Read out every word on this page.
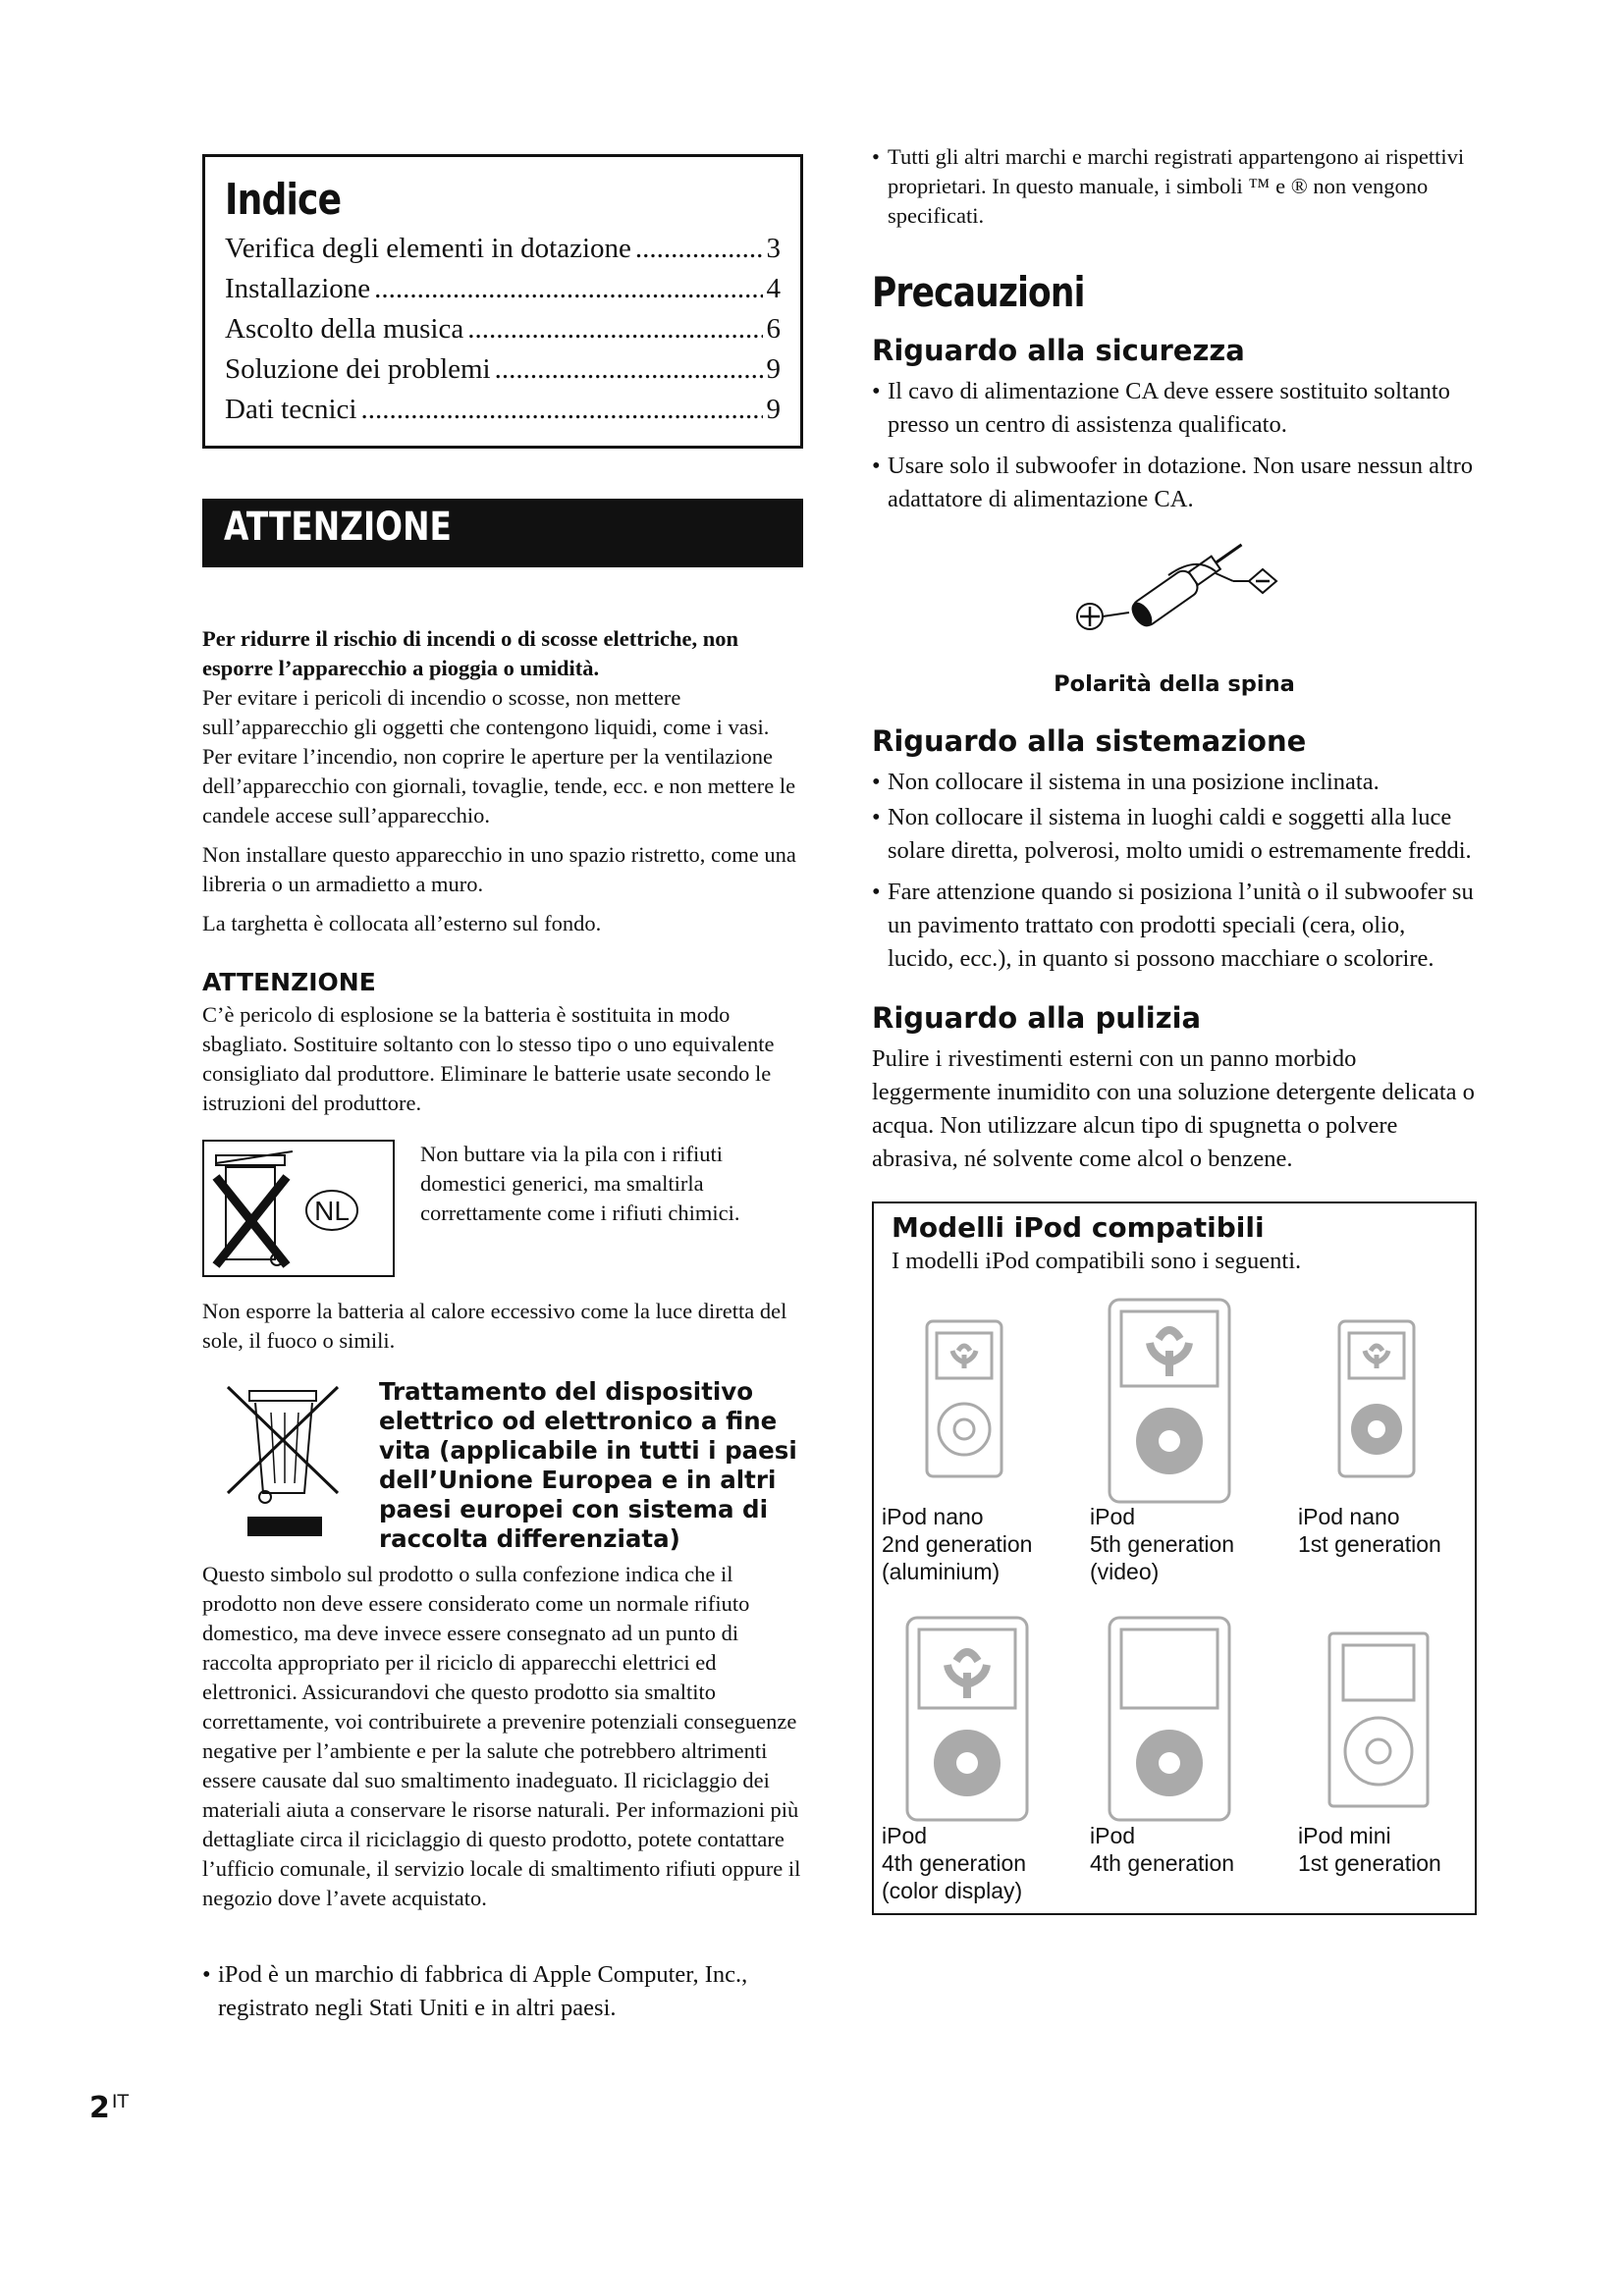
Indice
Verifica degli elementi in dotazione .....	3
Installazione .....	4
Ascolto della musica .....	6
Soluzione dei problemi .....	9
Dati tecnici .....	9
ATTENZIONE

Per ridurre il rischio di incendi o di scosse elettriche, non esporre l’apparecchio a pioggia o umidità.

Per evitare i pericoli di incendio o scosse, non mettere sull’apparecchio gli oggetti che contengono liquidi, come i vasi.

Per evitare l’incendio, non coprire le aperture per la ventilazione dell’apparecchio con giornali, tovaglie, tende, ecc. e non mettere le candele accese sull’apparecchio.

Non installare questo apparecchio in uno spazio ristretto, come una libreria o un armadietto a muro.

La targhetta è collocata all’esterno sul fondo.

ATTENZIONE

C’è pericolo di esplosione se la batteria è sostituita in modo sbagliato. Sostituire soltanto con lo stesso tipo o uno equivalente consigliato dal produttore. Eliminare le batterie usate secondo le istruzioni del produttore.

NL

Non buttare via la pila con i rifiuti domestici generici, ma smaltirla correttamente come i rifiuti chimici.

Non esporre la batteria al calore eccessivo come la luce diretta del sole, il fuoco o simili.

Trattamento del dispositivo elettrico od elettronico a fine vita (applicabile in tutti i paesi dell’Unione Europea e in altri paesi europei con sistema di raccolta differenziata)

Questo simbolo sul prodotto o sulla confezione indica che il prodotto non deve essere considerato come un normale rifiuto domestico, ma deve invece essere consegnato ad un punto di raccolta appropriato per il riciclo di apparecchi elettrici ed elettronici. Assicurandovi che questo prodotto sia smaltito correttamente, voi contribuirete a prevenire potenziali conseguenze negative per l’ambiente e per la salute che potrebbero altrimenti essere causate dal suo smaltimento inadeguato. Il riciclaggio dei materiali aiuta a conservare le risorse naturali. Per informazioni più dettagliate circa il riciclaggio di questo prodotto, potete contattare l’ufficio comunale, il servizio locale di smaltimento rifiuti oppure il negozio dove l’avete acquistato.

• iPod è un marchio di fabbrica di Apple Computer, Inc., registrato negli Stati Uniti e in altri paesi.

• Tutti gli altri marchi e marchi registrati appartengono ai rispettivi proprietari. In questo manuale, i simboli ™ e ® non vengono specificati.

Precauzioni
Riguardo alla sicurezza

• Il cavo di alimentazione CA deve essere sostituito soltanto presso un centro di assistenza qualificato.

• Usare solo il subwoofer in dotazione. Non usare nessun altro adattatore di alimentazione CA.

Polarità della spina
Riguardo alla sistemazione

• Non collocare il sistema in una posizione inclinata.

• Non collocare il sistema in luoghi caldi e soggetti alla luce solare diretta, polverosi, molto umidi o estremamente freddi.

• Fare attenzione quando si posiziona l’unità o il subwoofer su un pavimento trattato con prodotti speciali (cera, olio, lucido, ecc.), in quanto si possono macchiare o scolorire.

Riguardo alla pulizia

Pulire i rivestimenti esterni con un panno morbido leggermente inumidito con una soluzione detergente delicata o acqua. Non utilizzare alcun tipo di spugnetta o polvere abrasiva, né solvente come alcol o benzene.

Modelli iPod compatibili

I modelli iPod compatibili sono i seguenti.

iPod nano
2nd generation
(aluminium)
iPod
5th generation
(video)
iPod nano
1st generation
iPod
4th generation
(color display)
iPod
4th generation
iPod mini
1st generation
2 $^{IT}$
